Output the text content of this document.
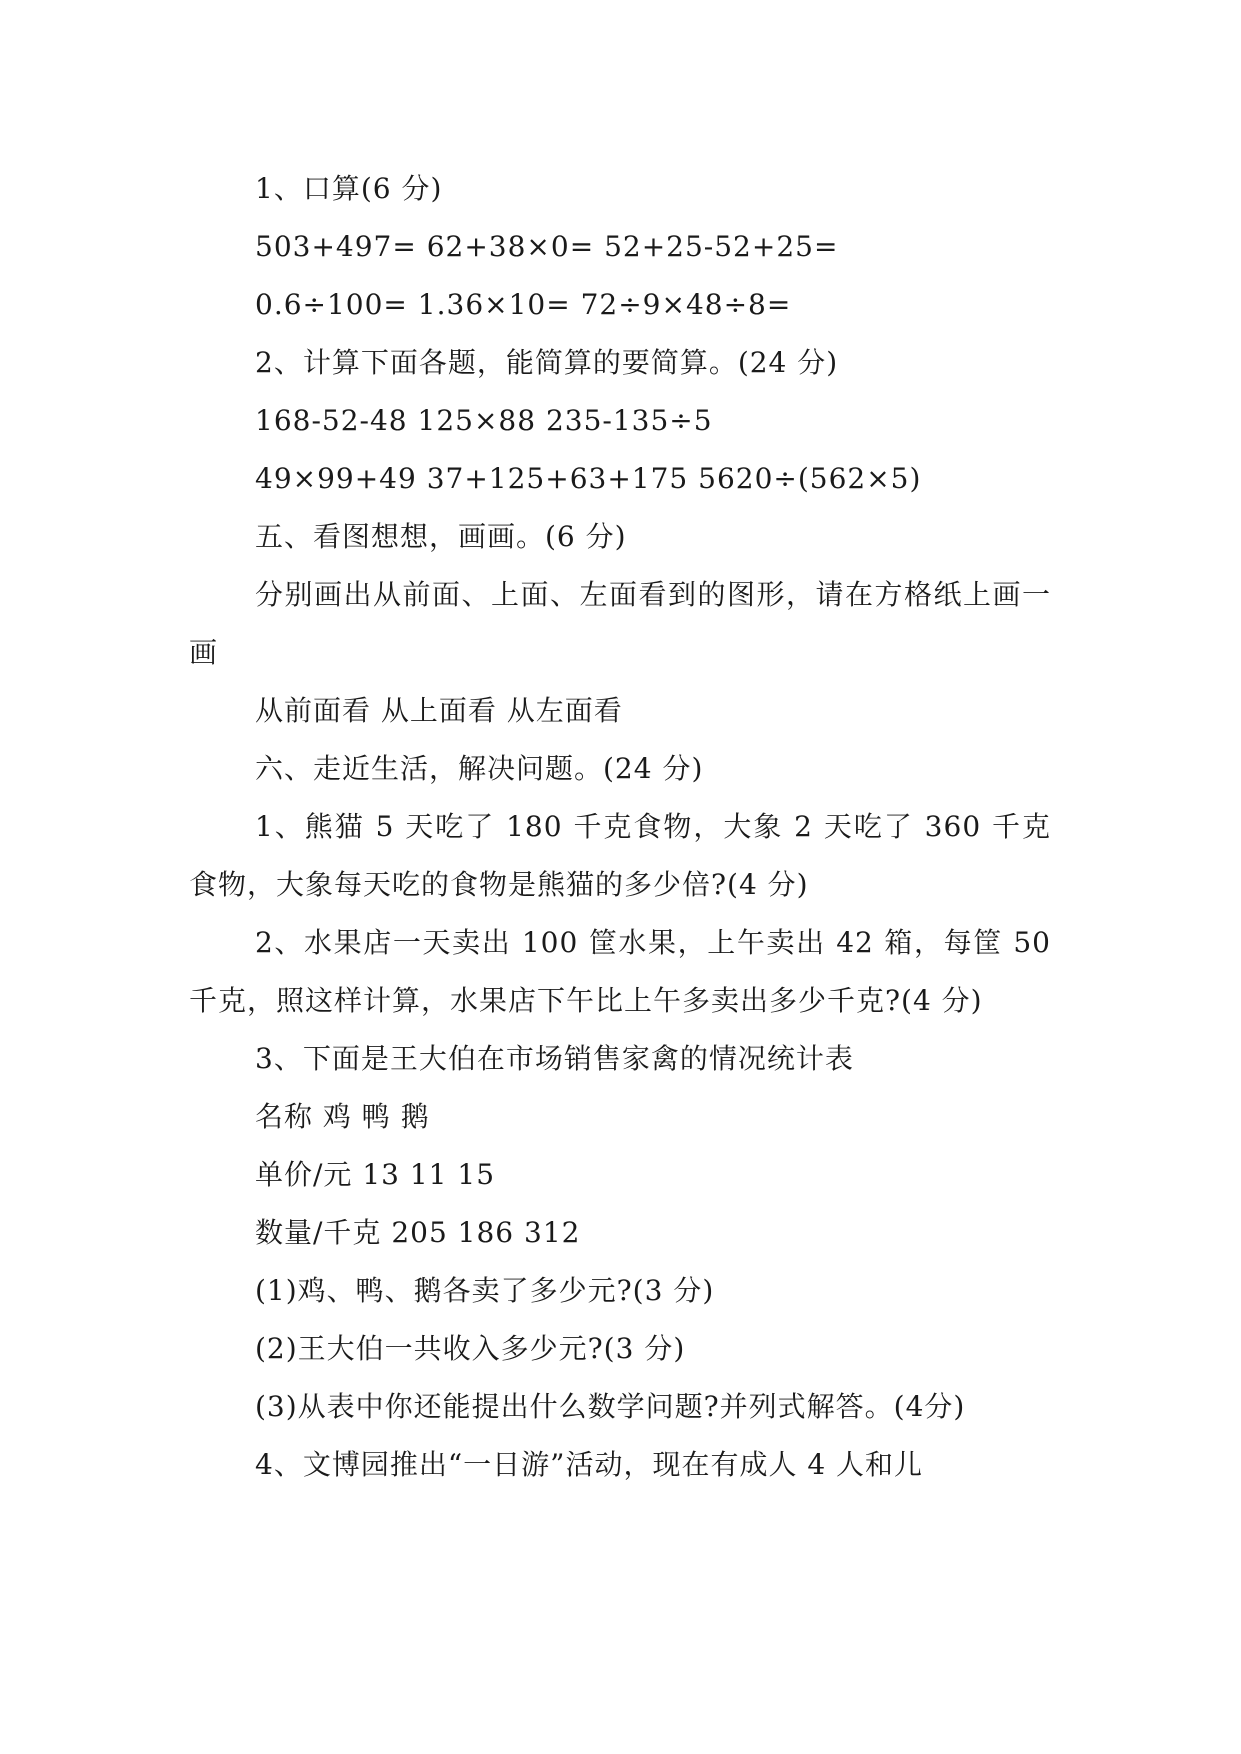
1、口算(6 分)
503+497= 62+38×0= 52+25-52+25=
0.6÷100= 1.36×10= 72÷9×48÷8=
2、计算下面各题，能简算的要简算。(24 分)
168-52-48 125×88 235-135÷5
49×99+49 37+125+63+175 5620÷(562×5)
五、看图想想，画画。(6 分)
分别画出从前面、上面、左面看到的图形，请在方格纸上画一画
从前面看 从上面看 从左面看
六、走近生活，解决问题。(24 分)
1、熊猫 5 天吃了 180 千克食物，大象 2 天吃了 360 千克食物，大象每天吃的食物是熊猫的多少倍?(4 分)
2、水果店一天卖出 100 筐水果，上午卖出 42 箱，每筐 50 千克，照这样计算，水果店下午比上午多卖出多少千克?(4 分)
3、下面是王大伯在市场销售家禽的情况统计表
名称 鸡 鸭 鹅
单价/元 13 11 15
数量/千克 205 186 312
(1)鸡、鸭、鹅各卖了多少元?(3 分)
(2)王大伯一共收入多少元?(3 分)
(3)从表中你还能提出什么数学问题?并列式解答。(4分)
4、文博园推出“一日游”活动，现在有成人 4 人和儿
